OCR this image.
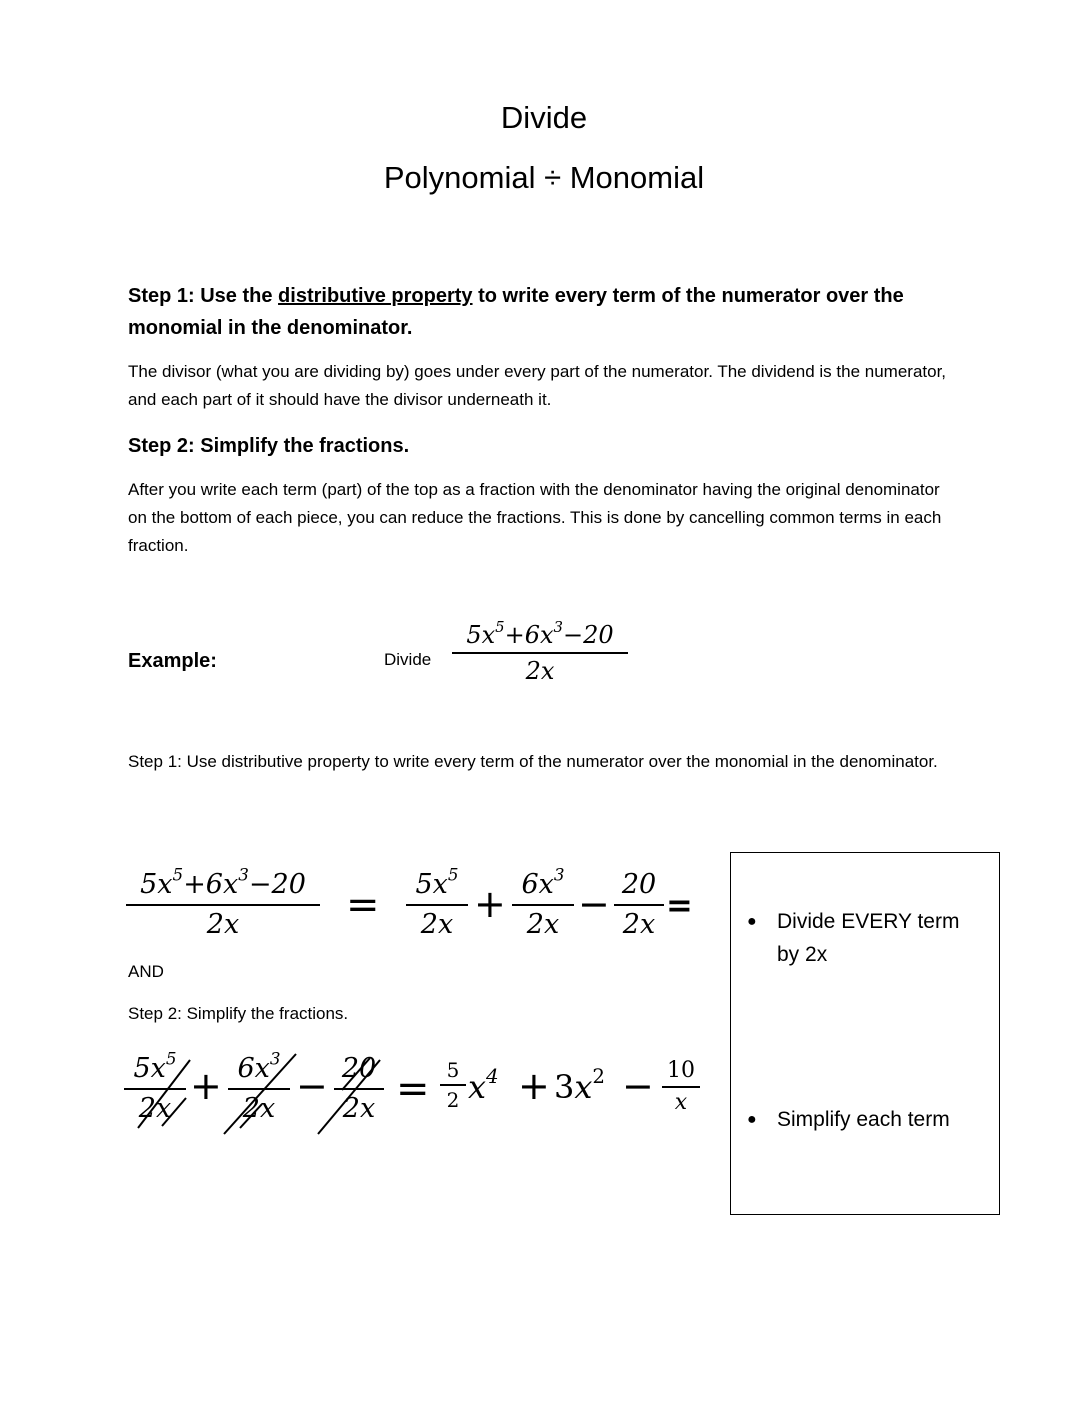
Divide
Polynomial ÷ Monomial
Step 1: Use the distributive property to write every term of the numerator over the monomial in the denominator.
The divisor (what you are dividing by) goes under every part of the numerator. The dividend is the numerator, and each part of it should have the divisor underneath it.
Step 2: Simplify the fractions.
After you write each term (part) of the top as a fraction with the denominator having the original denominator on the bottom of each piece, you can reduce the fractions. This is done by cancelling common terms in each fraction.
Example:	Divide
$5x^5+6x^3-20$
2x
Step 1: Use distributive property to write every term of the numerator over the monomial in the denominator.
$5x^5+6x^3-20$
2x	=	$5x^5$
$2x + 6x^3$
2x − 20
2x
=
AND
Step 2: Simplify the fractions.
$5x^5$
2x
+ $6x^3$
2x
− 20
2x = 5
2 $x^4 + 3x^2 - 10$
x
● Divide EVERY term by 2x
● Simplify each term
